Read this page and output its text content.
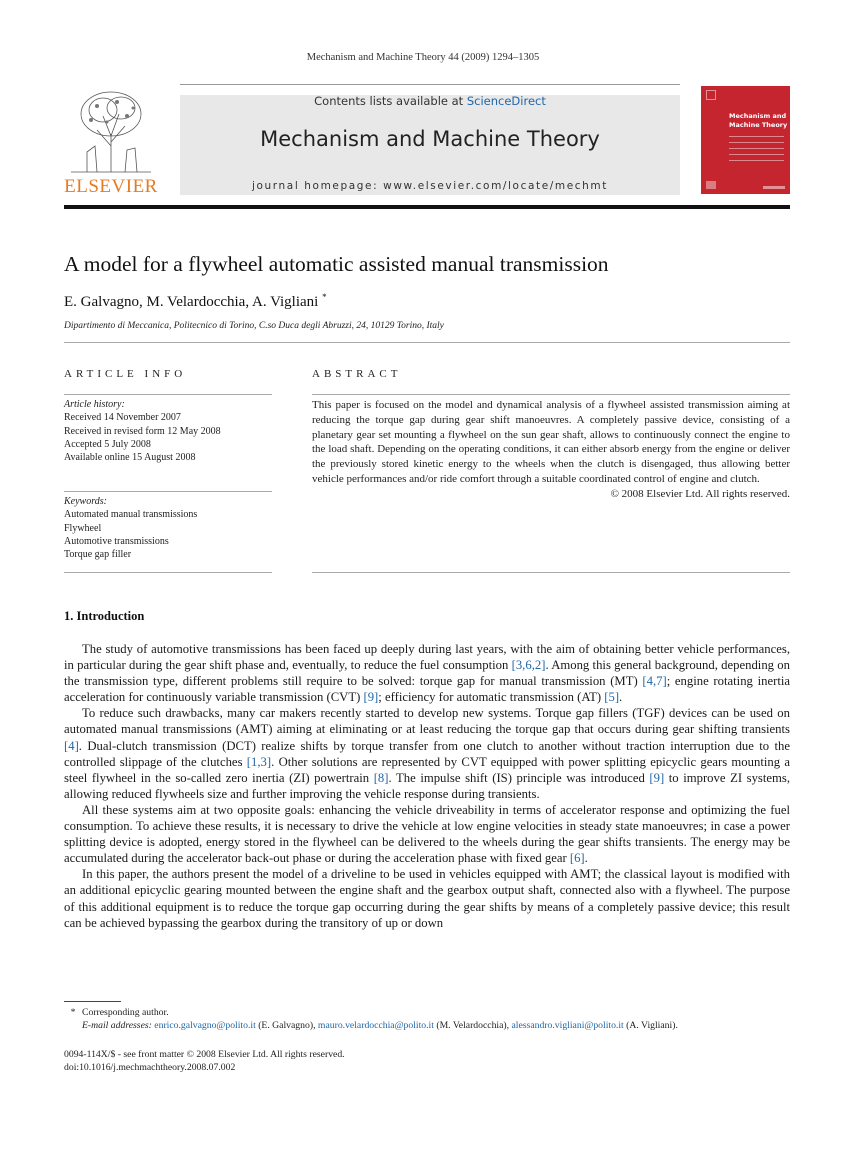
Mechanism and Machine Theory 44 (2009) 1294–1305
ELSEVIER
Contents lists available at ScienceDirect
Mechanism and Machine Theory
journal homepage: www.elsevier.com/locate/mechmt
Mechanism and Machine Theory
A model for a flywheel automatic assisted manual transmission
E. Galvagno, M. Velardocchia, A. Vigliani *
Dipartimento di Meccanica, Politecnico di Torino, C.so Duca degli Abruzzi, 24, 10129 Torino, Italy
ARTICLE INFO	ABSTRACT
Article history:
Received 14 November 2007
Received in revised form 12 May 2008
Accepted 5 July 2008
Available online 15 August 2008
Keywords:
Automated manual transmissions
Flywheel
Automotive transmissions
Torque gap filler
This paper is focused on the model and dynamical analysis of a flywheel assisted transmission aiming at reducing the torque gap during gear shift manoeuvres. A completely passive device, consisting of a planetary gear set mounting a flywheel on the sun gear shaft, allows to continuously connect the engine to the load shaft. Depending on the operating conditions, it can either absorb energy from the engine or deliver the previously stored kinetic energy to the wheels when the clutch is disengaged, thus allowing better vehicle performances and/or ride comfort through a suitable coordinated control of engine and clutch.
© 2008 Elsevier Ltd. All rights reserved.
1. Introduction

The study of automotive transmissions has been faced up deeply during last years, with the aim of obtaining better vehicle performances, in particular during the gear shift phase and, eventually, to reduce the fuel consumption [3,6,2]. Among this general background, depending on the transmission type, different problems still require to be solved: torque gap for manual transmission (MT) [4,7]; engine rotating inertia acceleration for continuously variable transmission (CVT) [9]; efficiency for automatic transmission (AT) [5].

To reduce such drawbacks, many car makers recently started to develop new systems. Torque gap fillers (TGF) devices can be used on automated manual transmissions (AMT) aiming at eliminating or at least reducing the torque gap that occurs during gear shifting transients [4]. Dual-clutch transmission (DCT) realize shifts by torque transfer from one clutch to another without traction interruption due to the controlled slippage of the clutches [1,3]. Other solutions are represented by CVT equipped with power splitting epicyclic gears mounting a steel flywheel in the so-called zero inertia (ZI) powertrain [8]. The impulse shift (IS) principle was introduced [9] to improve ZI systems, allowing reduced flywheels size and further improving the vehicle response during transients.

All these systems aim at two opposite goals: enhancing the vehicle driveability in terms of accelerator response and optimizing the fuel consumption. To achieve these results, it is necessary to drive the vehicle at low engine velocities in steady state manoeuvres; in case a power splitting device is adopted, energy stored in the flywheel can be delivered to the wheels during the gear shifts transients. The energy may be accumulated during the accelerator back-out phase or during the acceleration phase with fixed gear [6].

In this paper, the authors present the model of a driveline to be used in vehicles equipped with AMT; the classical layout is modified with an additional epicyclic gearing mounted between the engine shaft and the gearbox output shaft, connected also with a flywheel. The purpose of this additional equipment is to reduce the torque gap occurring during the gear shifts by means of a completely passive device; this result can be achieved bypassing the gearbox during the transitory of up or down

* Corresponding author.
E-mail addresses: enrico.galvagno@polito.it (E. Galvagno), mauro.velardocchia@polito.it (M. Velardocchia), alessandro.vigliani@polito.it (A. Vigliani).
0094-114X/$ - see front matter © 2008 Elsevier Ltd. All rights reserved.
doi:10.1016/j.mechmachtheory.2008.07.002
